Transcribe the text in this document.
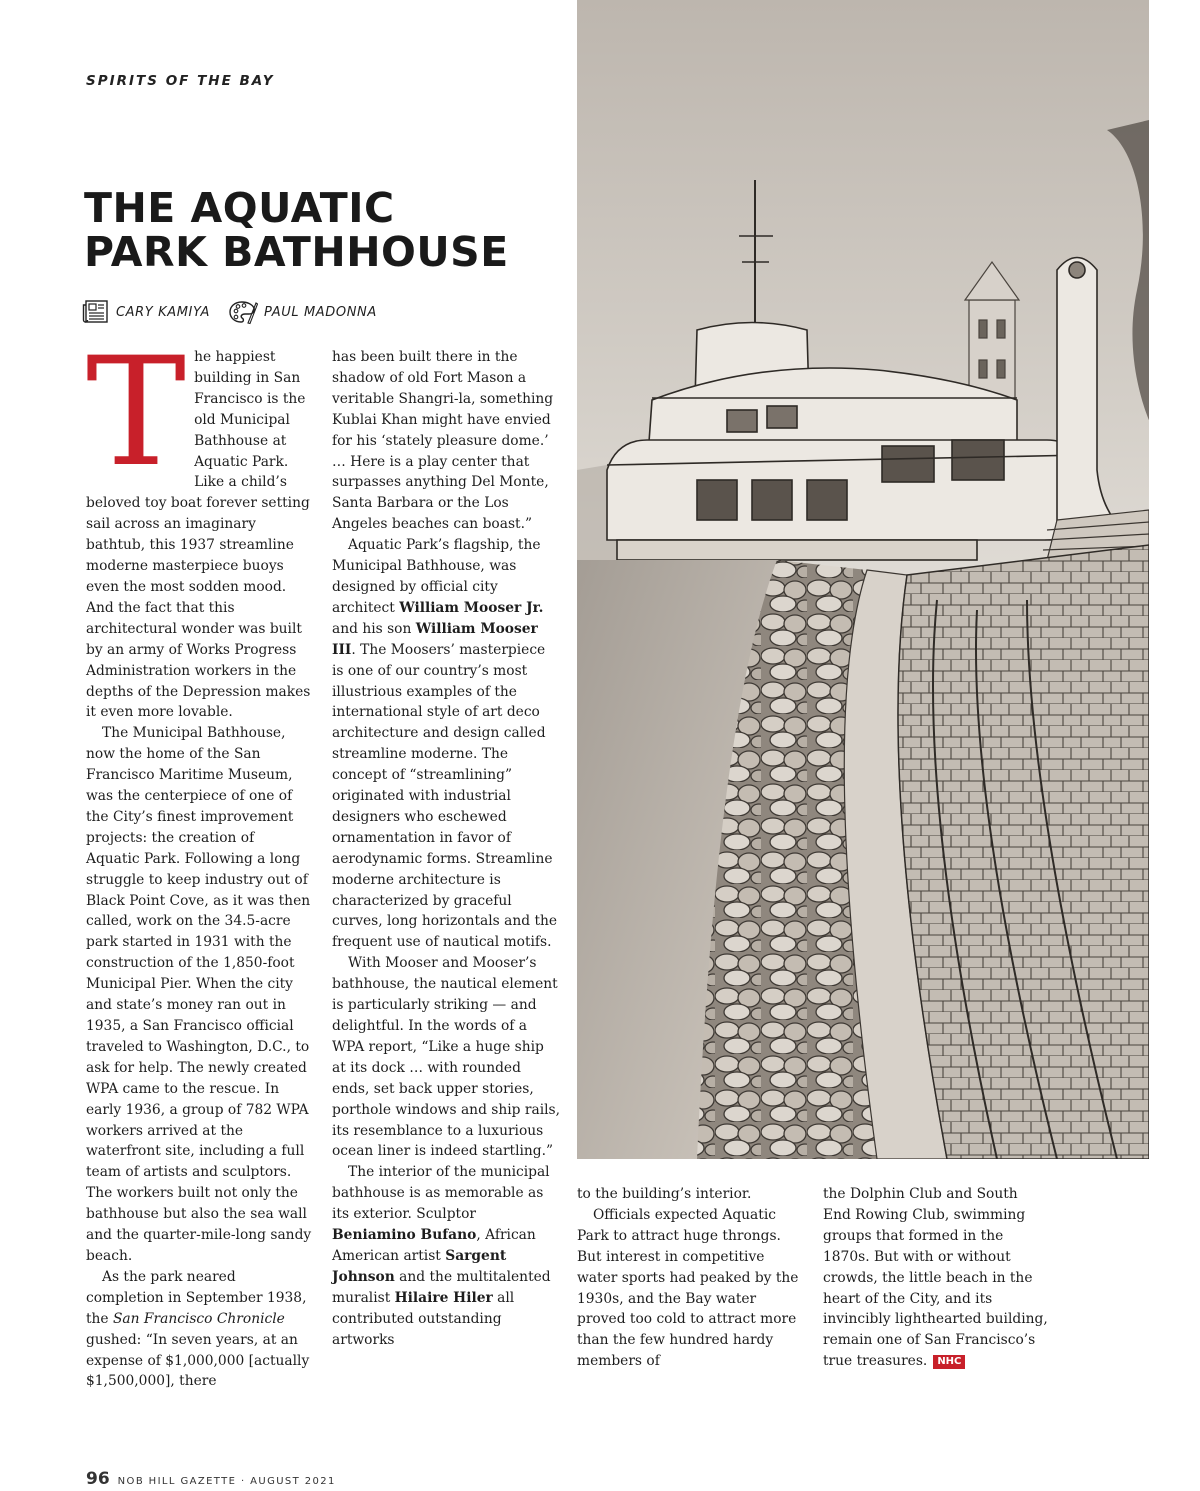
SPIRITS OF THE BAY
THE AQUATIC
PARK BATHHOUSE
CARY KAMIYA	PAUL MADONNA

The happiest building in San Francisco is the old Municipal Bathhouse at Aquatic Park. Like a child’s beloved toy boat forever setting sail across an imaginary bathtub, this 1937 streamline moderne masterpiece buoys even the most sodden mood. And the fact that this architectural wonder was built by an army of Works Progress Administration workers in the depths of the Depression makes it even more lovable.

The Municipal Bathhouse, now the home of the San Francisco Maritime Museum, was the centerpiece of one of the City’s finest improvement projects: the creation of Aquatic Park. Following a long struggle to keep industry out of Black Point Cove, as it was then called, work on the 34.5-acre park started in 1931 with the construction of the 1,850-foot Municipal Pier. When the city and state’s money ran out in 1935, a San Francisco official traveled to Washington, D.C., to ask for help. The newly created WPA came to the rescue. In early 1936, a group of 782 WPA workers arrived at the waterfront site, including a full team of artists and sculptors. The workers built not only the bathhouse but also the sea wall and the quarter-mile-long sandy beach.

As the park neared completion in September 1938, the San Francisco Chronicle gushed: “In seven years, at an expense of $1,000,000 [actually $1,500,000], there

has been built there in the shadow of old Fort Mason a veritable Shangri-la, something Kublai Khan might have envied for his ‘stately pleasure dome.’ … Here is a play center that surpasses anything Del Monte, Santa Barbara or the Los Angeles beaches can boast.”

Aquatic Park’s flagship, the Municipal Bathhouse, was designed by official city architect William Mooser Jr. and his son William Mooser III. The Moosers’ masterpiece is one of our country’s most illustrious examples of the international style of art deco architecture and design called streamline moderne. The concept of “streamlining” originated with industrial designers who eschewed ornamentation in favor of aerodynamic forms. Streamline moderne architecture is characterized by graceful curves, long horizontals and the frequent use of nautical motifs.

With Mooser and Mooser’s bathhouse, the nautical element is particularly striking — and delightful. In the words of a WPA report, “Like a huge ship at its dock … with rounded ends, set back upper stories, porthole windows and ship rails, its resemblance to a luxurious ocean liner is indeed startling.”

The interior of the municipal bathhouse is as memorable as its exterior. Sculptor Beniamino Bufano, African American artist Sargent Johnson and the multitalented muralist Hilaire Hiler all contributed outstanding artworks

to the building’s interior.

Officials expected Aquatic Park to attract huge throngs. But interest in competitive water sports had peaked by the 1930s, and the Bay water proved too cold to attract more than the few hundred hardy members of

the Dolphin Club and South End Rowing Club, swimming groups that formed in the 1870s. But with or without crowds, the little beach in the heart of the City, and its invincibly lighthearted building, remain one of San Francisco’s true treasures. NHC

96 NOB HILL GAZETTE · AUGUST 2021
